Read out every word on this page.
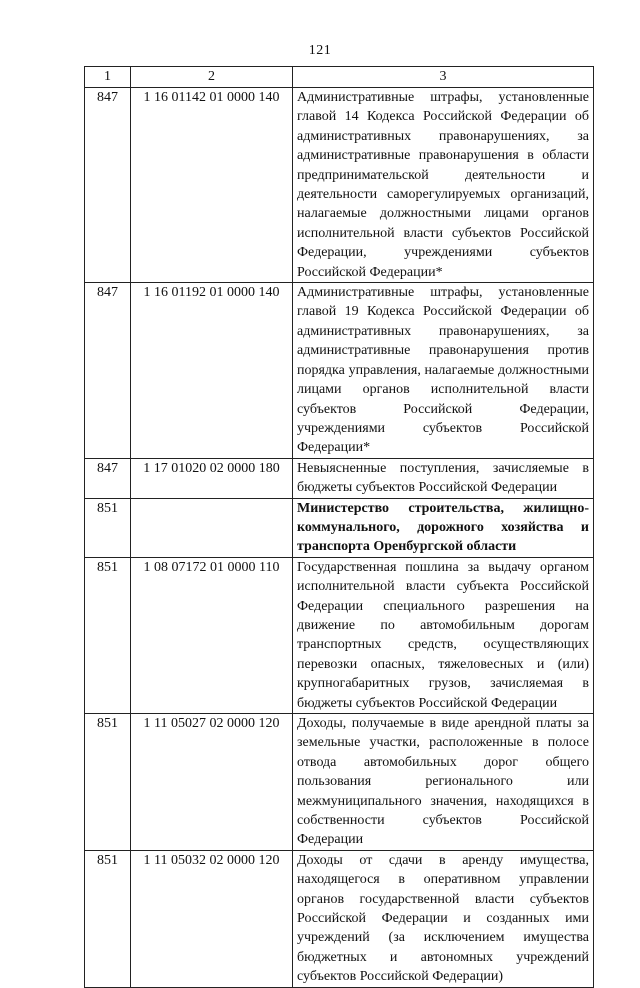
121
1	2	3
847	1 16 01142 01 0000 140	Административные штрафы, установленные главой 14 Кодекса Российской Федерации об административных правонарушениях, за административные правонарушения в области предпринимательской деятельности и деятельности саморегулируемых организаций, налагаемые должностными лицами органов исполнительной власти субъектов Российской Федерации, учреждениями субъектов Российской Федерации*
847	1 16 01192 01 0000 140	Административные штрафы, установленные главой 19 Кодекса Российской Федерации об административных правонарушениях, за административные правонарушения против порядка управления, налагаемые должностными лицами органов исполнительной власти субъектов Российской Федерации, учреждениями субъектов Российской Федерации*
847	1 17 01020 02 0000 180	Невыясненные поступления, зачисляемые в бюджеты субъектов Российской Федерации
851		Министерство строительства, жилищно-коммунального, дорожного хозяйства и транспорта Оренбургской области
851	1 08 07172 01 0000 110	Государственная пошлина за выдачу органом исполнительной власти субъекта Российской Федерации специального разрешения на движение по автомобильным дорогам транспортных средств, осуществляющих перевозки опасных, тяжеловесных и (или) крупногабаритных грузов, зачисляемая в бюджеты субъектов Российской Федерации
851	1 11 05027 02 0000 120	Доходы, получаемые в виде арендной платы за земельные участки, расположенные в полосе отвода автомобильных дорог общего пользования регионального или межмуниципального значения, находящихся в собственности субъектов Российской Федерации
851	1 11 05032 02 0000 120	Доходы от сдачи в аренду имущества, находящегося в оперативном управлении органов государственной власти субъектов Российской Федерации и созданных ими учреждений (за исключением имущества бюджетных и автономных учреждений субъектов Российской Федерации)
